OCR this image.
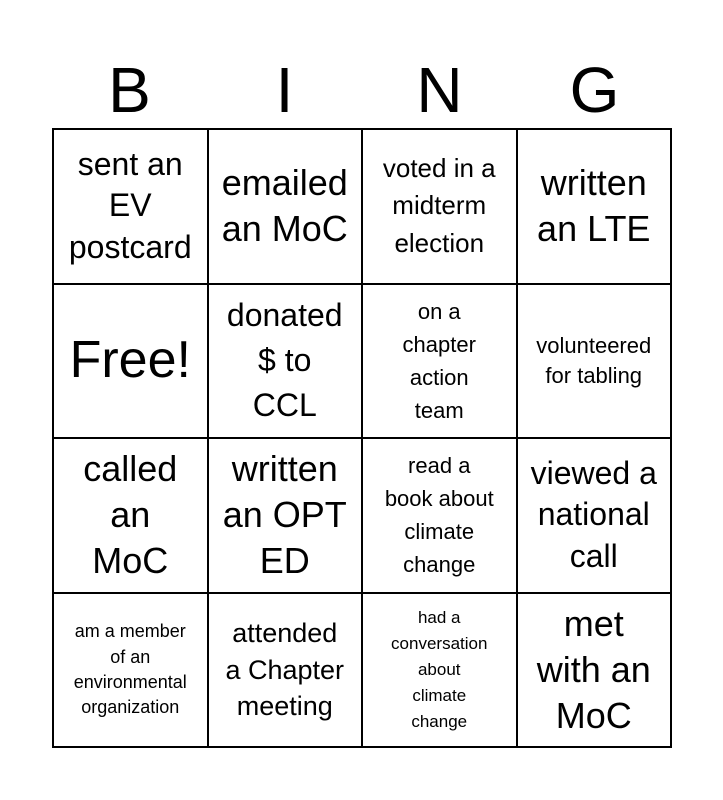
B	I	N	G
sent an
EV
postcard
emailed
an MoC
voted in a
midterm
election
written
an LTE
Free!
donated
$ to
CCL
on a
chapter
action
team
volunteered
for tabling
called
an
MoC
written
an OPT
ED
read a
book about
climate
change
viewed a
national
call
am a member
of an
environmental
organization
attended
a Chapter
meeting
had a
conversation
about
climate
change
met
with an
MoC
